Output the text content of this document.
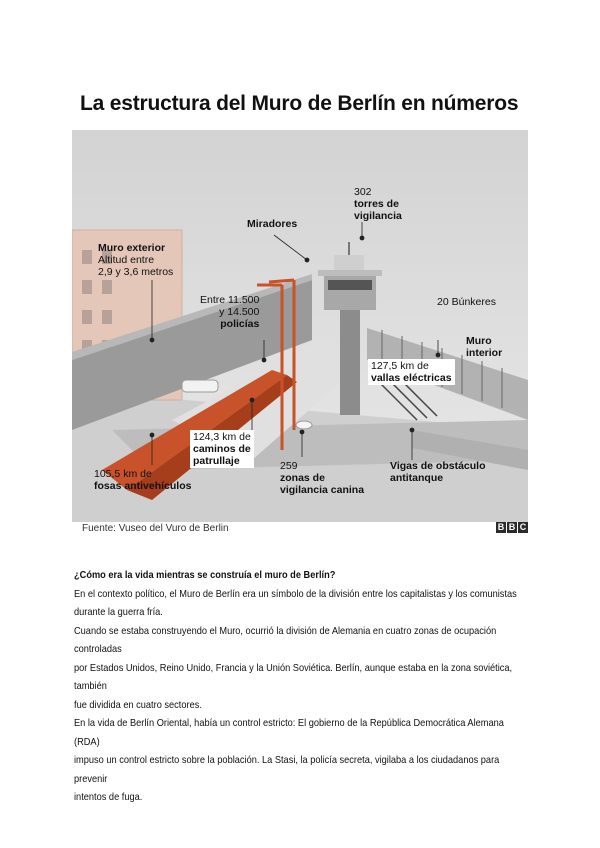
La estructura del Muro de Berlín en números
Muro exterior
Altitud entre
2,9 y 3,6 metros
Miradores
302
torres de
vigilancia
Entre 11.500
y 14.500
policías
20 Búnkeres
Muro
interior
127,5 km de
vallas eléctricas
124,3 km de
caminos de
patrullaje
105,5 km de
fosas antivehículos
259
zonas de
vigilancia canina
Vigas de obstáculo
antitanque
Fuente: Vuseo del Vuro de Berlin	B B C

¿Cómo era la vida mientras se construía el muro de Berlín?

En el contexto político, el Muro de Berlín era un símbolo de la división entre los capitalistas y los comunistas

durante la guerra fría.

Cuando se estaba construyendo el Muro, ocurrió la división de Alemania en cuatro zonas de ocupación controladas

por Estados Unidos, Reino Unido, Francia y la Unión Soviética. Berlín, aunque estaba en la zona soviética, también

fue dividida en cuatro sectores.

En la vida de Berlín Oriental, había un control estricto: El gobierno de la República Democrática Alemana (RDA)

impuso un control estricto sobre la población. La Stasi, la policía secreta, vigilaba a los ciudadanos para prevenir

intentos de fuga.
